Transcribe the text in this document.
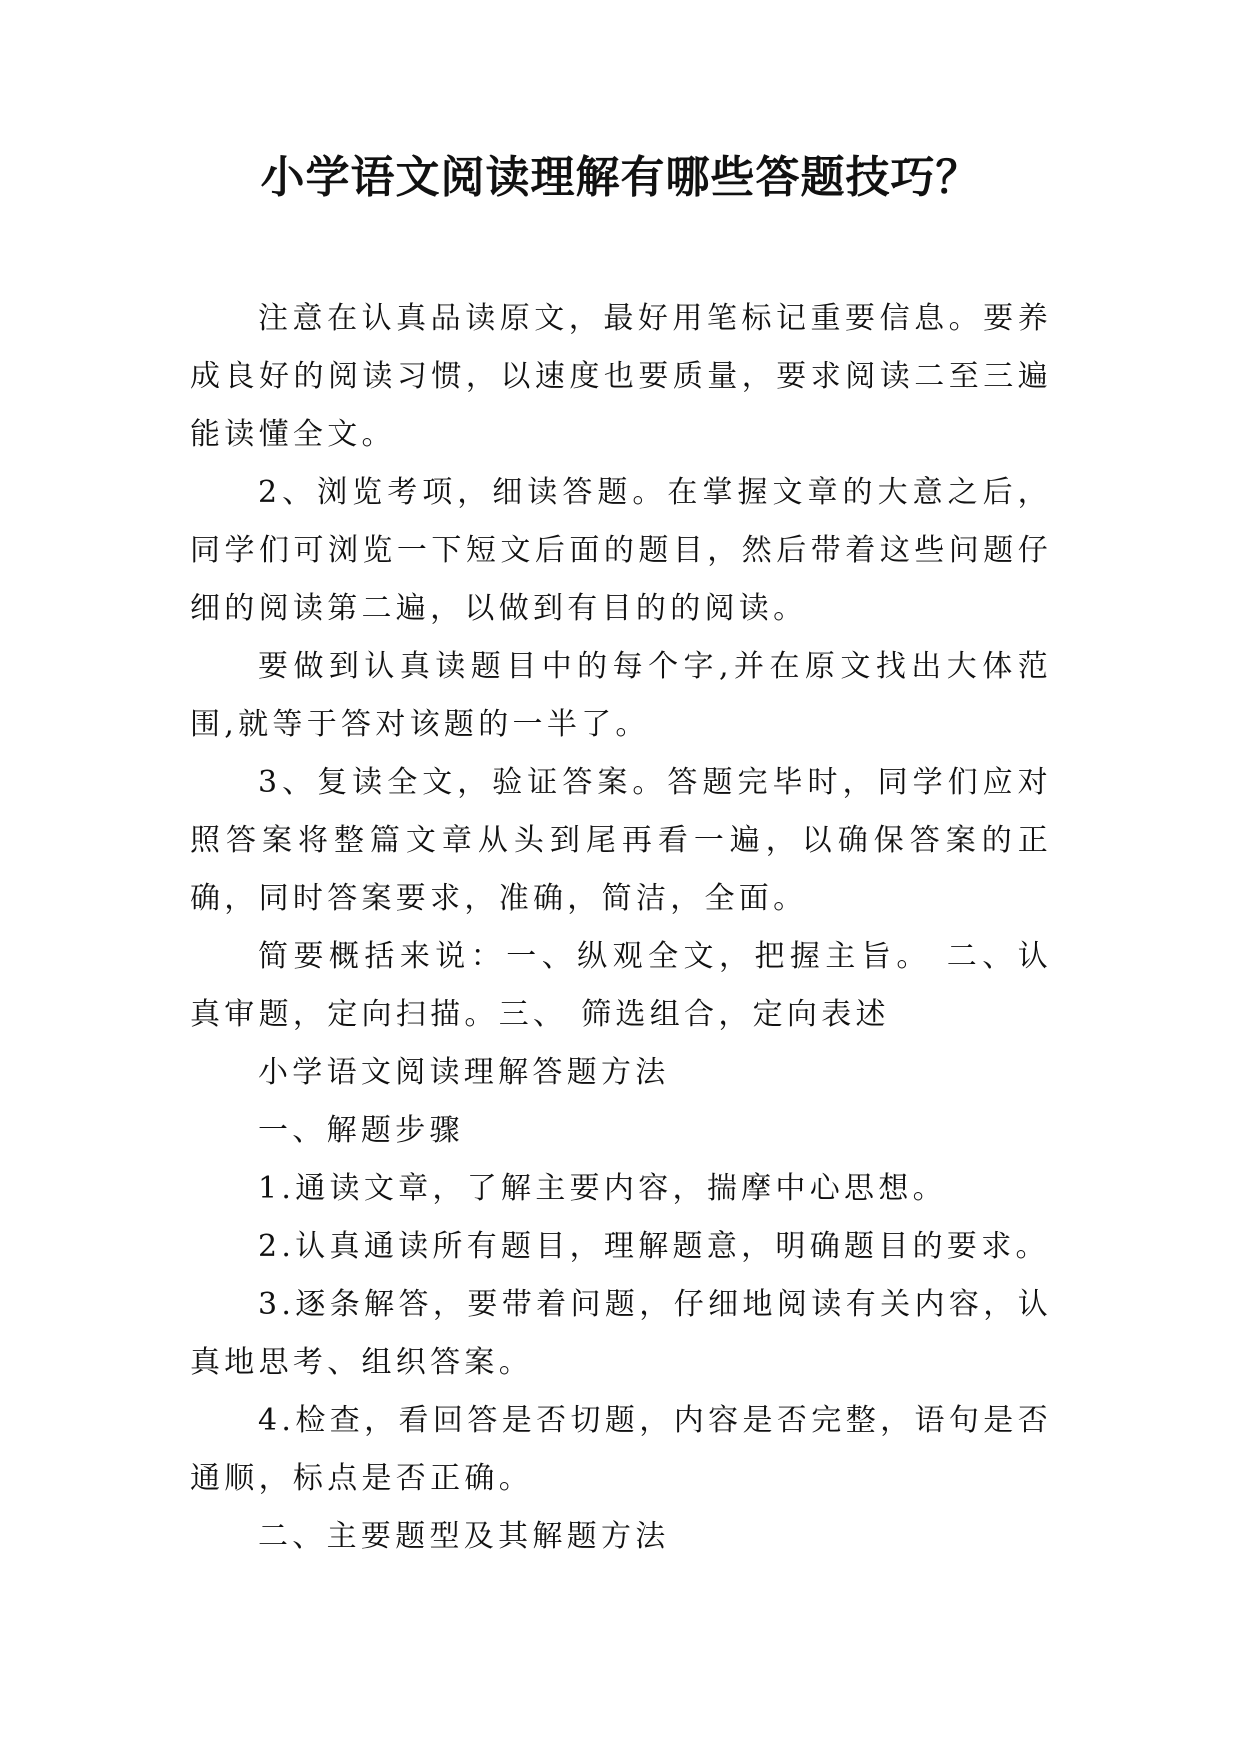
小学语文阅读理解有哪些答题技巧？

注意在认真品读原文，最好用笔标记重要信息。要养成良好的阅读习惯，以速度也要质量，要求阅读二至三遍能读懂全文。

2、浏览考项，细读答题。在掌握文章的大意之后，同学们可浏览一下短文后面的题目，然后带着这些问题仔细的阅读第二遍，以做到有目的的阅读。

要做到认真读题目中的每个字,并在原文找出大体范围,就等于答对该题的一半了。

3、复读全文，验证答案。答题完毕时，同学们应对照答案将整篇文章从头到尾再看一遍，以确保答案的正确，同时答案要求，准确，简洁，全面。

简要概括来说：一、纵观全文，把握主旨。 二、认真审题，定向扫描。三、 筛选组合，定向表述

小学语文阅读理解答题方法

一、解题步骤

1.通读文章，了解主要内容，揣摩中心思想。

2.认真通读所有题目，理解题意，明确题目的要求。

3.逐条解答，要带着问题，仔细地阅读有关内容，认真地思考、组织答案。

4.检查，看回答是否切题，内容是否完整，语句是否通顺，标点是否正确。

二、主要题型及其解题方法
